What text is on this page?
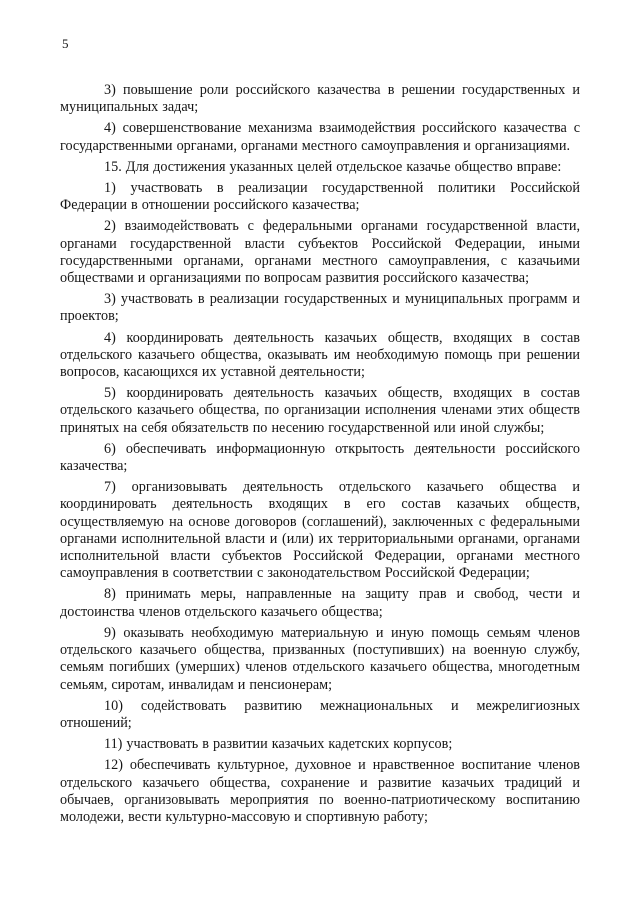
5

3) повышение роли российского казачества в решении государственных и муниципальных задач;

4) совершенствование механизма взаимодействия российского казачества с государственными органами, органами местного самоуправления и организациями.

15. Для достижения указанных целей отдельское казачье общество вправе:

1) участвовать в реализации государственной политики Российской Федерации в отношении российского казачества;

2) взаимодействовать с федеральными органами государственной власти, органами государственной власти субъектов Российской Федерации, иными государственными органами, органами местного самоуправления, с казачьими обществами и организациями по вопросам развития российского казачества;

3) участвовать в реализации государственных и муниципальных программ и проектов;

4) координировать деятельность казачьих обществ, входящих в состав отдельского казачьего общества, оказывать им необходимую помощь при решении вопросов, касающихся их уставной деятельности;

5) координировать деятельность казачьих обществ, входящих в состав отдельского казачьего общества, по организации исполнения членами этих обществ принятых на себя обязательств по несению государственной или иной службы;

6) обеспечивать информационную открытость деятельности российского казачества;

7) организовывать деятельность отдельского казачьего общества и координировать деятельность входящих в его состав казачьих обществ, осуществляемую на основе договоров (соглашений), заключенных с федеральными органами исполнительной власти и (или) их территориальными органами, органами исполнительной власти субъектов Российской Федерации, органами местного самоуправления в соответствии с законодательством Российской Федерации;

8) принимать меры, направленные на защиту прав и свобод, чести и достоинства членов отдельского казачьего общества;

9) оказывать необходимую материальную и иную помощь семьям членов отдельского казачьего общества, призванных (поступивших) на военную службу, семьям погибших (умерших) членов отдельского казачьего общества, многодетным семьям, сиротам, инвалидам и пенсионерам;

10) содействовать развитию межнациональных и межрелигиозных отношений;

11) участвовать в развитии казачьих кадетских корпусов;

12) обеспечивать культурное, духовное и нравственное воспитание членов отдельского казачьего общества, сохранение и развитие казачьих традиций и обычаев, организовывать мероприятия по военно-патриотическому воспитанию молодежи, вести культурно-массовую и спортивную работу;
